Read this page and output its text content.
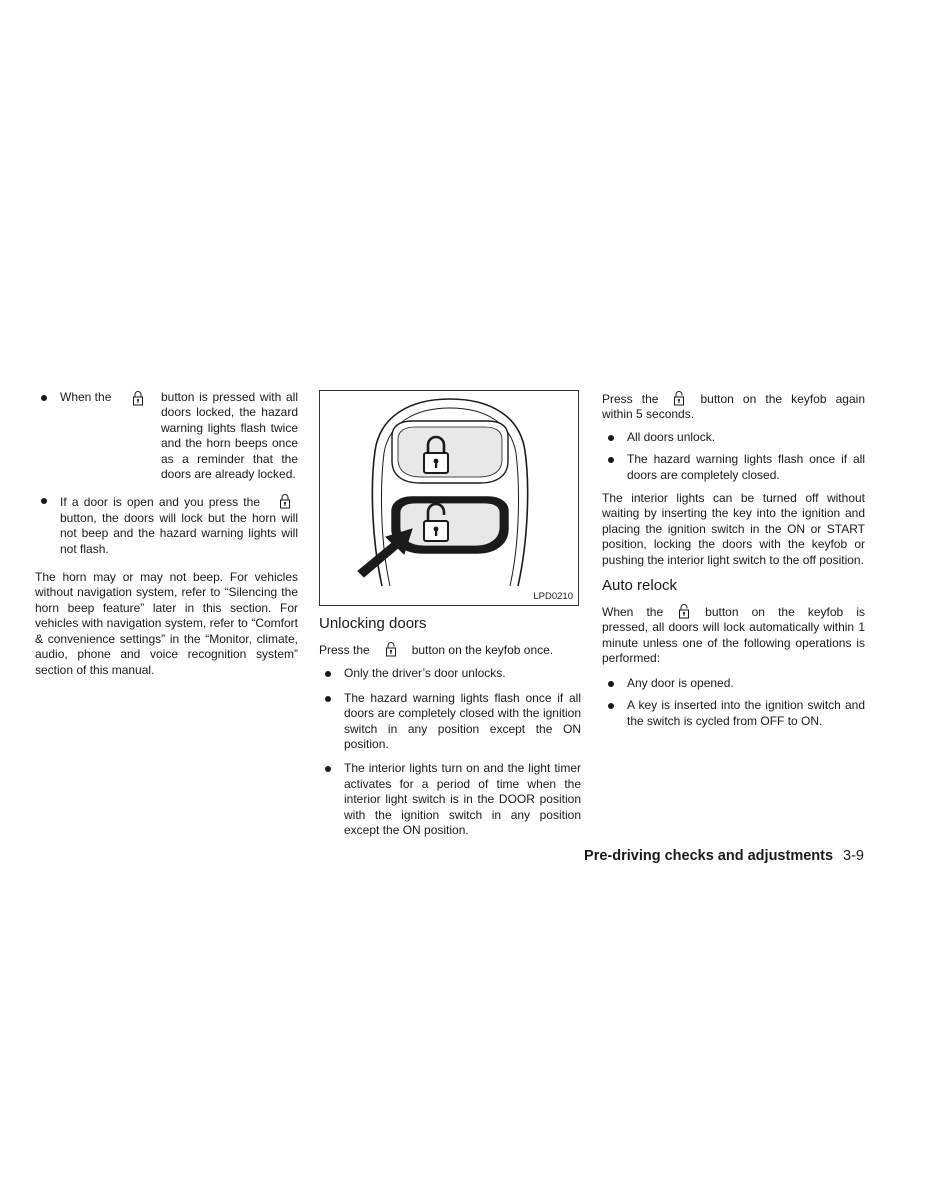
When the	button is pressed with all doors locked, the hazard warning lights flash twice and the horn beeps once as a reminder that the doors are already locked.
If a door is open and you press the
button, the doors will lock but the horn will not beep and the hazard warning lights will not flash.

The horn may or may not beep. For vehicles without navigation system, refer to “Silencing the horn beep feature” later in this section. For vehicles with navigation system, refer to “Comfort & convenience settings” in the “Monitor, climate, audio, phone and voice recognition system” section of this manual.

LPD0210
Unlocking doors

Press the	button on the keyfob once.

Only the driver’s door unlocks.
The hazard warning lights flash once if all doors are completely closed with the ignition switch in any position except the ON position.
The interior lights turn on and the light timer activates for a period of time when the interior light switch is in the DOOR position with the ignition switch in any position except the ON position.

Press the	button on the keyfob again within 5 seconds.

All doors unlock.
The hazard warning lights flash once if all doors are completely closed.

The interior lights can be turned off without waiting by inserting the key into the ignition and placing the ignition switch in the ON or START position, locking the doors with the keyfob or pushing the interior light switch to the off position.

Auto relock

When the	button on the keyfob is pressed, all doors will lock automatically within 1 minute unless one of the following operations is performed:

Any door is opened.
A key is inserted into the ignition switch and the switch is cycled from OFF to ON.
Pre-driving checks and adjustments 3-9
